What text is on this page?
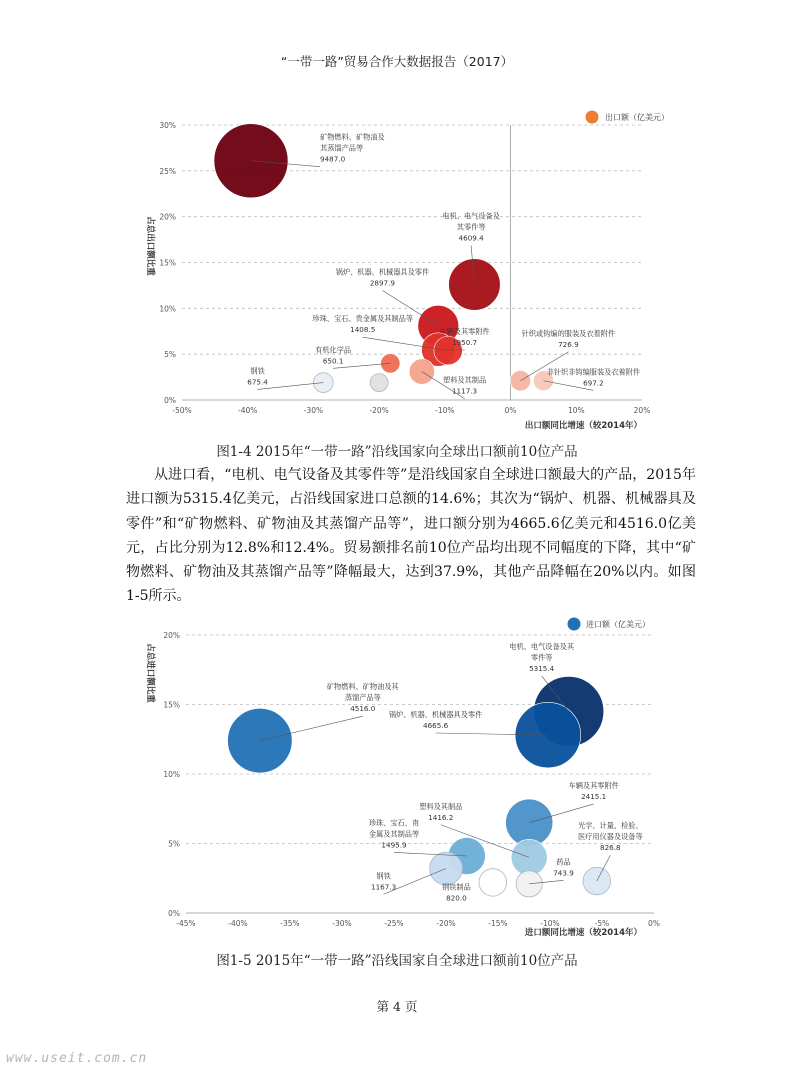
“一带一路”贸易合作大数据报告（2017）
0%
5%
10%
15%
20%
25%
30%
-50%	-40%	-30%	-20%	-10%	0%	10%	20%
出口额同比增速（较2014年）
占总出口额比重
出口额（亿美元）
矿物燃料、矿物油及
其蒸馏产品等
9487.0
电机、电气设备及
其零件等
4609.4
锅炉、机器、机械器具及零件
2897.9
珍珠、宝石、贵金属及其制品等
1408.5	车辆及其零附件
1950.7
有机化学品
650.1
钢铁
675.4	塑料及其制品
1117.3
针织或钩编的服装及衣着附件
726.9
非针织非钩编服装及衣着附件
697.2
图1-4 2015年“一带一路”沿线国家向全球出口额前10位产品

从进口看，“电机、电气设备及其零件等”是沿线国家自全球进口额最大的产品，2015年进口额为5315.4亿美元，占沿线国家进口总额的14.6%；其次为“锅炉、机器、机械器具及零件”和“矿物燃料、矿物油及其蒸馏产品等”，进口额分别为4665.6亿美元和4516.0亿美元，占比分别为12.8%和12.4%。贸易额排名前10位产品均出现不同幅度的下降，其中“矿物燃料、矿物油及其蒸馏产品等”降幅最大，达到37.9%，其他产品降幅在20%以内。如图1-5所示。

0%
5%
10%
15%
20%
-45%	-40%	-35%	-30%	-25%	-20%	-15%	-10%	-5%	0%
进口额同比增速（较2014年）
占总进口额比重
进口额（亿美元）
电机、电气设备及其
零件等
5315.4
锅炉、机器、机械器具及零件
4665.6
矿物燃料、矿物油及其
蒸馏产品等
4516.0
车辆及其零附件
2415.1
塑料及其制品
1416.2
珍珠、宝石、贵
金属及其制品等
1495.9
钢铁
1167.3	钢铁制品
820.0
药品
743.9
光学、计量、检验、
医疗用仪器及设备等
826.8
图1-5 2015年“一带一路”沿线国家自全球进口额前10位产品
第 4 页
www.useit.com.cn
